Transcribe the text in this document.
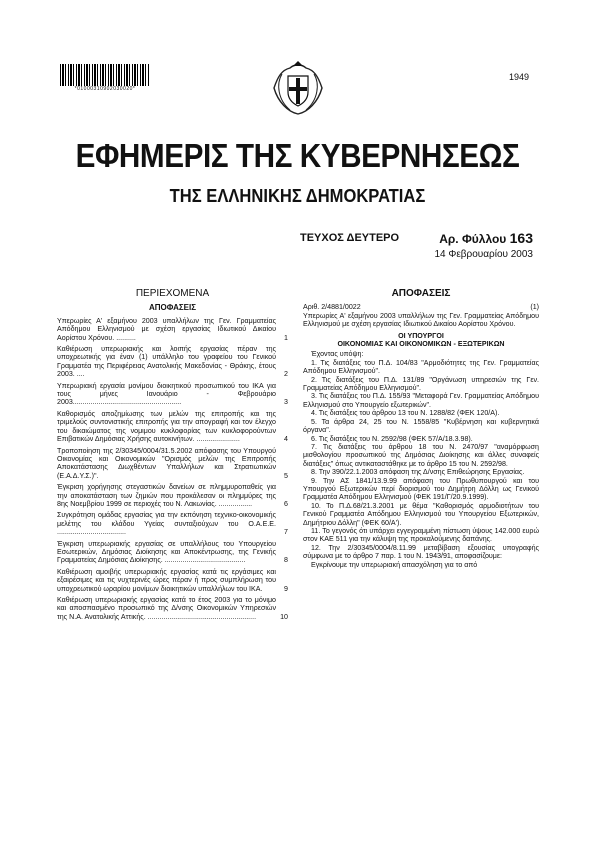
*01000310902030020*
1949
ΕΦΗΜΕΡΙΣ ΤΗΣ ΚΥΒΕΡΝΗΣΕΩΣ
ΤΗΣ ΕΛΛΗΝΙΚΗΣ ΔΗΜΟΚΡΑΤΙΑΣ
ΤΕΥΧΟΣ ΔΕΥΤΕΡΟ	Αρ. Φύλλου 163
14 Φεβρουαρίου 2003
ΠΕΡΙΕΧΟΜΕΝΑ
ΑΠΟΦΑΣΕΙΣ
Υπερωρίες Α' εξαμήνου 2003 υπαλλήλων της Γεν. Γραμματείας Απόδημου Ελληνισμού με σχέση εργασίας Ιδιωτικού Δικαίου Αορίστου Χρόνου. ..........	1
Καθιέρωση υπερωριακής και λοιπής εργασίας πέραν της υποχρεωτικής για έναν (1) υπάλληλο του γραφείου του Γενικού Γραμματέα της Περιφέρειας Ανατολικής Μακεδονίας - Θράκης, έτους 2003. ....	2
Υπερωριακή εργασία μονίμου διοικητικού προσωπικού του ΙΚΑ για τους μήνες Ιανουάριο - Φεβρουάριο 2003.......................................................	3
Καθορισμός αποζημίωσης των μελών της επιτροπής και της τριμελούς συντονιστικής επιτροπής για την απογραφή και τον έλεγχο του δικαιώματος της νομιμου κυκλοφορίας των κυκλοφορούντων Επιβατικών Δημόσιας Χρήσης αυτοκινήτων. ......................	4
Τροποποίηση της 2/30345/0004/31.5.2002 απόφασης του Υπουργού Οικονομίας και Οικονομικών "Ορισμός μελών της Επιτροπής Αποκατάστασης Διωχθέντων Υπαλλήλων και Στρατιωτικών (Ε.Α.Δ.Υ.Σ.)".	5
Έγκριση χορήγησης στεγαστικών δανείων σε πλημμυροπαθείς για την αποκατάσταση των ζημιών που προκάλεσαν οι πλημμύρες της 8ης Νοεμβρίου 1999 σε περιοχές του Ν. Λακωνίας. .................	6
Συγκρότηση ομάδας εργασίας για την εκπόνηση τεχνικο-οικονομικής μελέτης του κλάδου Υγείας συνταξιούχων του Ο.Α.Ε.Ε. ...................................	7
Έγκριση υπερωριακής εργασίας σε υπαλλήλους του Υπουργείου Εσωτερικών, Δημόσιας Διοίκησης και Αποκέντρωσης, της Γενικής Γραμματείας Δημόσιας Διοίκησης. .........................................	8
Καθιέρωση αμοιβής υπερωριακής εργασίας κατά τις εργάσιμες και εξαιρέσιμες και τις νυχτερινές ώρες πέραν ή προς συμπλήρωση του υποχρεωτικού ωραρίου μονίμων διοικητικών υπαλλήλων του ΙΚΑ.	9
Καθιέρωση υπερωριακής εργασίας κατά το έτος 2003 για το μόνιμο και αποσπασμένο προσωπικό της Δ/νσης Οικονομικών Υπηρεσιών της Ν.Α. Ανατολικής Αττικής. .......................................................	10
ΑΠΟΦΑΣΕΙΣ
Αριθ. 2/4881/0022	(1)

Υπερωρίες Α' εξαμήνου 2003 υπαλλήλων της Γεν. Γραμματείας Απόδημου Ελληνισμού με σχέση εργασίας Ιδιωτικού Δικαίου Αορίστου Χρόνου.

ΟΙ ΥΠΟΥΡΓΟΙ
ΟΙΚΟΝΟΜΙΑΣ ΚΑΙ ΟΙΚΟΝΟΜΙΚΩΝ - ΕΞΩΤΕΡΙΚΩΝ

Έχοντας υπόψη:

1. Τις διατάξεις του Π.Δ. 104/83 "Αρμοδιότητες της Γεν. Γραμματείας Απόδημου Ελληνισμού".

2. Τις διατάξεις του Π.Δ. 131/89 "Οργάνωση υπηρεσιών της Γεν. Γραμματείας Απόδημου Ελληνισμού".

3. Τις διατάξεις του Π.Δ. 155/93 "Μεταφορά Γεν. Γραμματείας Απόδημου Ελληνισμού στο Υπουργείο εξωτερικών".

4. Τις διατάξεις του άρθρου 13 του Ν. 1288/82 (ΦΕΚ 120/Α).

5. Τα άρθρα 24, 25 του Ν. 1558/85 "Κυβέρνηση και κυβερνητικά όργανα".

6. Τις διατάξεις του Ν. 2592/98 (ΦΕΚ 57/Α/18.3.98).

7. Τις διατάξεις του άρθρου 18 του Ν. 2470/97 "αναμόρφωση μισθολογίου προσωπικού της Δημόσιας Διοίκησης και άλλες συναφείς διατάξεις" όπως αντικαταστάθηκε με το άρθρο 15 του Ν. 2592/98.

8. Την 390/22.1.2003 απόφαση της Δ/νσης Επιθεώρησης Εργασίας.

9. Την ΑΣ 1841/13.9.99 απόφαση του Πρωθυπουργού και του Υπουργού Εξωτερικών περί διορισμού του Δημήτρη Δόλλη ως Γενικού Γραμματέα Απόδημου Ελληνισμού (ΦΕΚ 191/Γ/20.9.1999).

10. Το Π.Δ.68/21.3.2001 με θέμα "Καθορισμός αρμοδιοτήτων του Γενικού Γραμματέα Απόδημου Ελληνισμού του Υπουργείου Εξωτερικών, Δημήτριου Δόλλη" (ΦΕΚ 60/Α').

11. Το γεγονός ότι υπάρχει εγγεγραμμένη πίστωση ύψους 142.000 ευρώ στον ΚΑΕ 511 για την κάλυψη της προκαλούμενης δαπάνης.

12. Την 2/30345/0004/8.11.99 μεταβίβαση εξουσίας υπογραφής σύμφωνα με το άρθρο 7 παρ. 1 του Ν. 1943/91, αποφασίζουμε:

Εγκρίνουμε την υπερωριακή απασχόληση για το από
